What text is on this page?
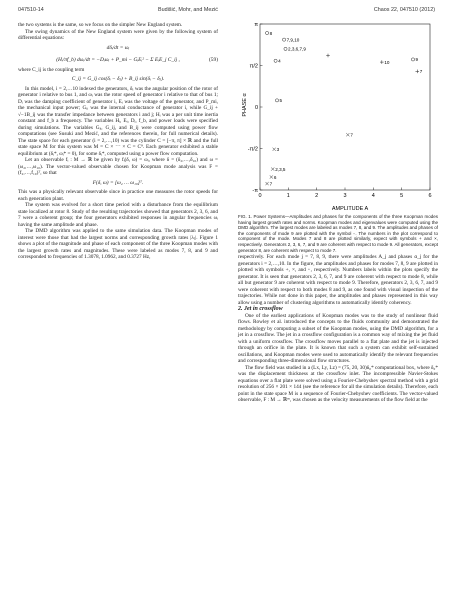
047510-14	Budišić, Mohr, and Mezić	Chaos 22, 047510 (2012)

the two systems is the same, so we focus on the simpler New England system.

The swing dynamics of the New England system were given by the following system of differential equations:

dδᵢ/dt = ωᵢ
(Hᵢ/πf_b) dωᵢ/dt = −Dᵢωᵢ + P_mi − GᵢEᵢ² − Σ EᵢE_j C_ij ,	(59)

where C_ij is the coupling term

C_ij = G_ij cos(δᵢ − δⱼ) + B_ij sin(δᵢ − δⱼ).

In this model, i = 2,…10 indexed the generators, δᵢ was the angular position of the rotor of generator i relative to bus 1, and ωᵢ was the rotor speed of generator i relative to that of bus 1; Dᵢ was the damping coefficient of generator i, Eᵢ was the voltage of the generator, and P_mi, the mechanical input power; Gᵢᵢ was the internal conductance of generator i, while G_ij + √−1B_ij was the transfer impedance between generators i and j; Hᵢ was a per unit time inertia constant and f_b a frequency. The variables Hᵢ, Eᵢ, Dᵢ, f_b, and power loads were specified during simulations. The variables Gᵢᵢ, G_ij, and B_ij were computed using power flow computations (see Susuki and Mezić, and the references therein, for full numerical details). The state space for each generator (i = 2,…,10) was the cylinder C = [−π, π] × ℝ and the full state space M for this system was M = C × ⋯ × C = C⁹. Each generator exhibited a stable equilibrium at (δᵢ*, ωᵢ* = 0), for some δᵢ*, computed using a power flow computation.

Let an observable fᵢ : M → ℝ be given by fᵢ(δ, ω) = ωᵢ, where δ = (δ₂,…,δ₁₀) and ω = (ω₂,…,ω₁₀). The vector-valued observable chosen for Koopman mode analysis was F = (f₂,…,f₁₀)ᵀ, so that

F(δ, ω) = [ω₂ … ω₁₀]ᵀ.

This was a physically relevant observable since in practice one measures the rotor speeds for each generation plant.

The system was evolved for a short time period with a disturbance from the equilibrium state localized at rotor 8. Study of the resulting trajectories showed that generators 2, 3, 6, and 7 were a coherent group; the four generators exhibited responses in angular frequencies ωᵢ having the same amplitude and phase.

The DMD algorithm was applied to the same simulation data. The Koopman modes of interest were those that had the largest norms and corresponding growth rates |λⱼ|. Figure 1 shows a plot of the magnitude and phase of each component of the three Koopman modes with the largest growth rates and magnitudes. These were labeled as modes 7, 8, and 9 and corresponded to frequencies of 1.3078, 1.0962, and 0.3727 Hz,

0	1	2	3	4	5	6
-π
-π/2
0
π/2
π
7,9,10
2,3,6,7,9
8
4
5
9
3
7
2,3,5
6
7
10
7
PHASE α
AMPLITUDE A
FIG. 1. Power Systems—Amplitudes and phases for the components of the three Koopman modes having largest growth rates and norms. Koopman modes and eigenvalues were computed using the DMD algorithm. The largest modes are labeled as modes 7, 8, and 9. The amplitudes and phases of the components of mode 9 are plotted with the symbol ◦. The numbers in the plot correspond to component of the mode. Modes 7 and 8 are plotted similarly, expect with symbols + and ×, respectively. Generators 2, 3, 6, 7, and 9 are coherent with respect to mode 9. All generators, except generator 8, are coherent with respect to mode 7.

respectively. For each mode j = 7, 8, 9, there were amplitudes A_j and phases α_j for the generators i = 2,…,10. In the figure, the amplitudes and phases for modes 7, 8, 9 are plotted in plotted with symbols +, ×, and ◦, respectively. Numbers labels within the plots specify the generator. It is seen that generators 2, 3, 6, 7, and 9 are coherent with respect to mode 8, while all but generator 9 are coherent with respect to mode 9. Therefore, generators 2, 3, 6, 7, and 9 were coherent with respect to both modes 8 and 9, as one found with visual inspection of the trajectories. While not done in this paper, the amplitudes and phases represented in this way allow using a number of clustering algorithms to automatically identify coherency.

2. Jet in crossflow

One of the earliest applications of Koopman modes was to the study of nonlinear fluid flows. Rowley et al. introduced the concepts to the fluids community and demonstrated the methodology by computing a subset of the Koopman modes, using the DMD algorithm, for a jet in a crossflow. The jet in a crossflow configuration is a common way of mixing the jet fluid with a uniform crossflow. The crossflow moves parallel to a flat plate and the jet is injected through an orifice in the plate. It is known that such a system can exhibit self-sustained oscillations, and Koopman modes were used to automatically identify the relevant frequencies and corresponding three-dimensional flow structures.

The flow field was studied in a (Lx, Ly, Lz) = (75, 20, 30)δ₀* computational box, where δ₀* was the displacement thickness at the crossflow inlet. The incompressible Navier-Stokes equations over a flat plate were solved using a Fourier-Chebyshev spectral method with a grid resolution of 256 × 201 × 144 (see the reference for all the simulation details). Therefore, each point in the state space M is a sequence of Fourier-Chebyshev coefficients. The vector-valued observable, F : M → ℝᵐ, was chosen as the velocity measurements of the flow field at the
